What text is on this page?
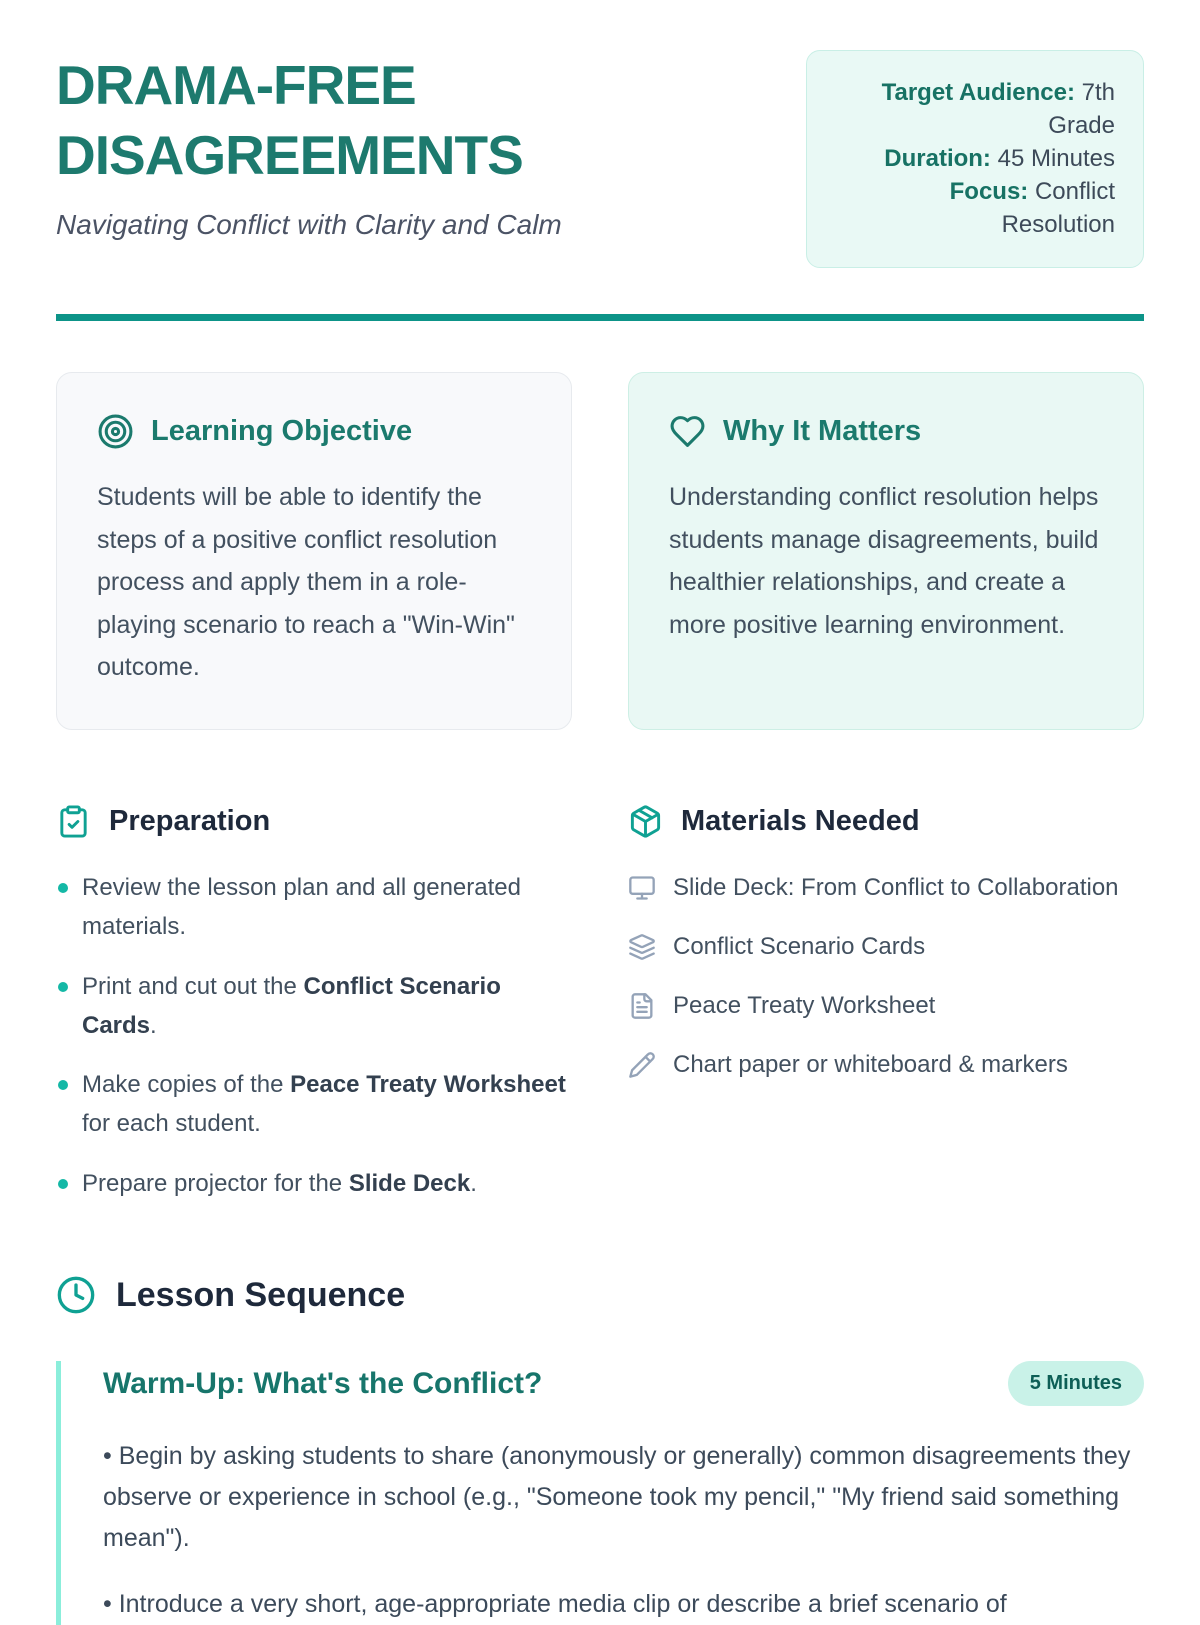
DRAMA-FREE DISAGREEMENTS

Navigating Conflict with Clarity and Calm

Target Audience: 7th Grade
Duration: 45 Minutes
Focus: Conflict Resolution
Learning Objective

Students will be able to identify the steps of a positive conflict resolution process and apply them in a role-playing scenario to reach a "Win-Win" outcome.

Why It Matters

Understanding conflict resolution helps students manage disagreements, build healthier relationships, and create a more positive learning environment.

Preparation
Review the lesson plan and all generated materials.
Print and cut out the Conflict Scenario Cards.
Make copies of the Peace Treaty Worksheet for each student.
Prepare projector for the Slide Deck.
Materials Needed
Slide Deck: From Conflict to Collaboration
Conflict Scenario Cards
Peace Treaty Worksheet
Chart paper or whiteboard & markers
Lesson Sequence
Warm-Up: What's the Conflict?	5 Minutes

• Begin by asking students to share (anonymously or generally) common disagreements they observe or experience in school (e.g., "Someone took my pencil," "My friend said something mean").

• Introduce a very short, age-appropriate media clip or describe a brief scenario of
